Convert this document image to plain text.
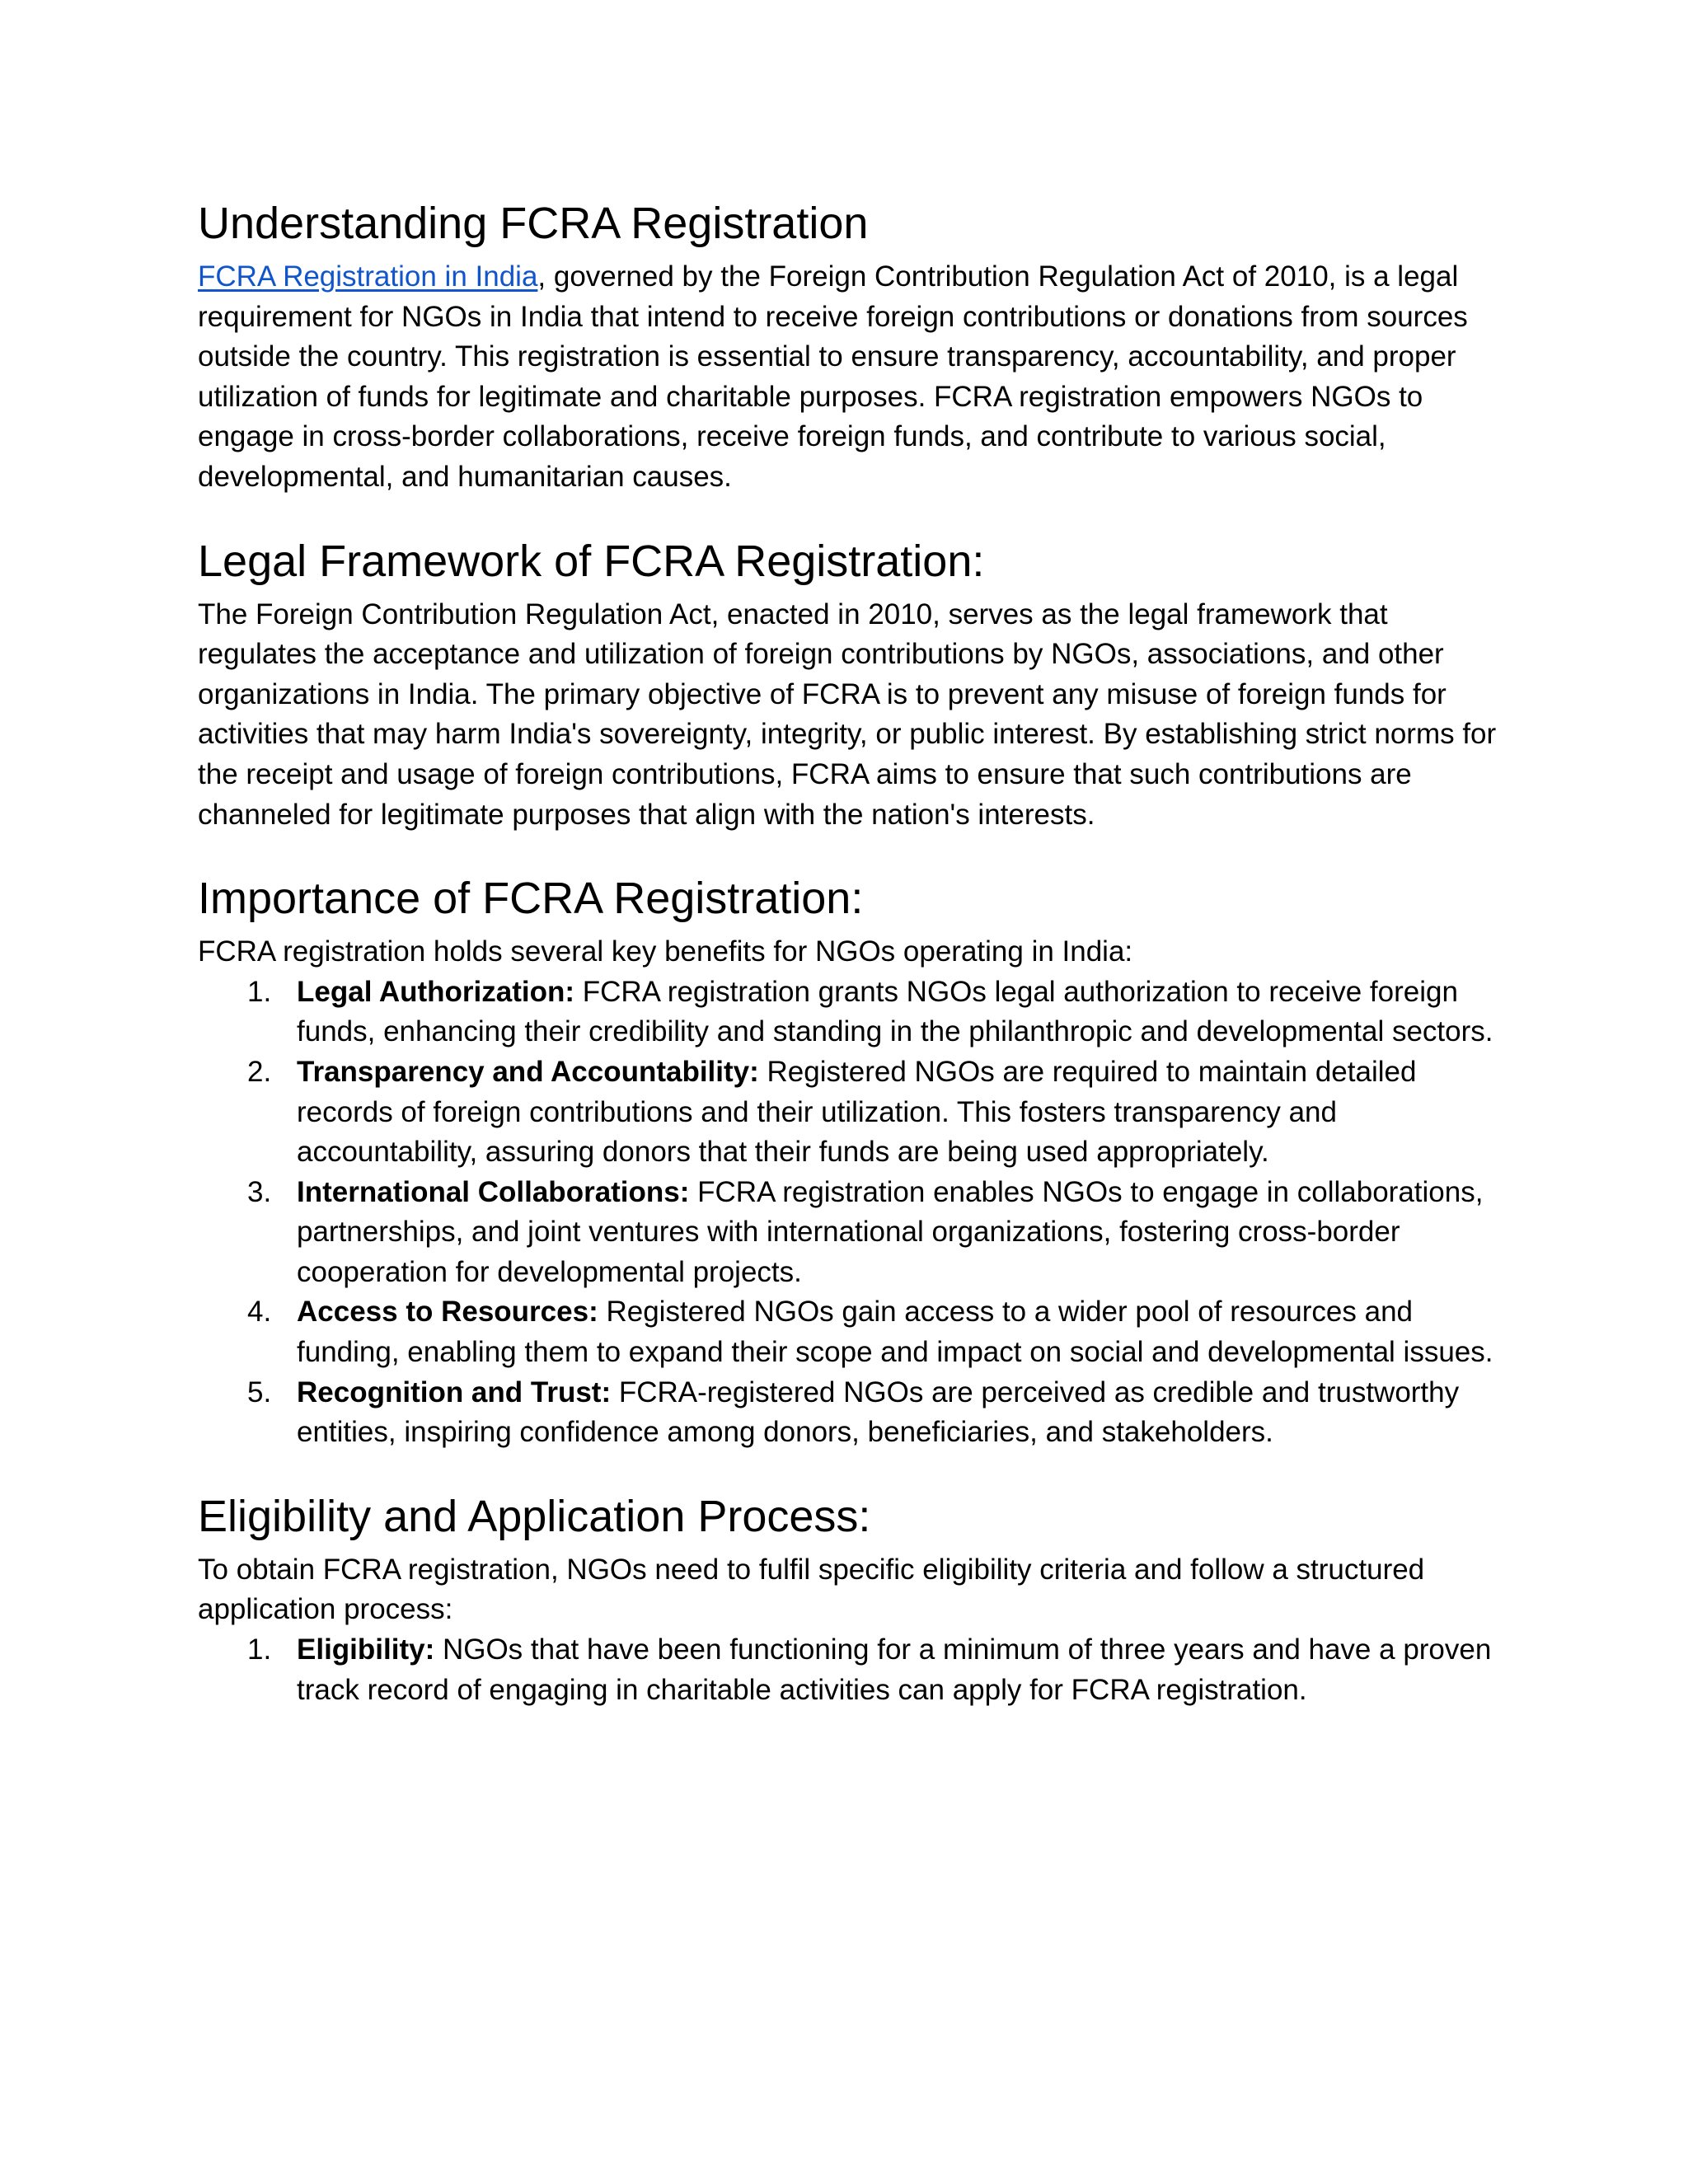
Understanding FCRA Registration

FCRA Registration in India, governed by the Foreign Contribution Regulation Act of 2010, is a legal requirement for NGOs in India that intend to receive foreign contributions or donations from sources outside the country. This registration is essential to ensure transparency, accountability, and proper utilization of funds for legitimate and charitable purposes. FCRA registration empowers NGOs to engage in cross-border collaborations, receive foreign funds, and contribute to various social, developmental, and humanitarian causes.

Legal Framework of FCRA Registration:

The Foreign Contribution Regulation Act, enacted in 2010, serves as the legal framework that regulates the acceptance and utilization of foreign contributions by NGOs, associations, and other organizations in India. The primary objective of FCRA is to prevent any misuse of foreign funds for activities that may harm India's sovereignty, integrity, or public interest. By establishing strict norms for the receipt and usage of foreign contributions, FCRA aims to ensure that such contributions are channeled for legitimate purposes that align with the nation's interests.

Importance of FCRA Registration:

FCRA registration holds several key benefits for NGOs operating in India:

1. Legal Authorization: FCRA registration grants NGOs legal authorization to receive foreign funds, enhancing their credibility and standing in the philanthropic and developmental sectors.
2. Transparency and Accountability: Registered NGOs are required to maintain detailed records of foreign contributions and their utilization. This fosters transparency and accountability, assuring donors that their funds are being used appropriately.
3. International Collaborations: FCRA registration enables NGOs to engage in collaborations, partnerships, and joint ventures with international organizations, fostering cross-border cooperation for developmental projects.
4. Access to Resources: Registered NGOs gain access to a wider pool of resources and funding, enabling them to expand their scope and impact on social and developmental issues.
5. Recognition and Trust: FCRA-registered NGOs are perceived as credible and trustworthy entities, inspiring confidence among donors, beneficiaries, and stakeholders.
Eligibility and Application Process:

To obtain FCRA registration, NGOs need to fulfil specific eligibility criteria and follow a structured application process:

1. Eligibility: NGOs that have been functioning for a minimum of three years and have a proven track record of engaging in charitable activities can apply for FCRA registration.
